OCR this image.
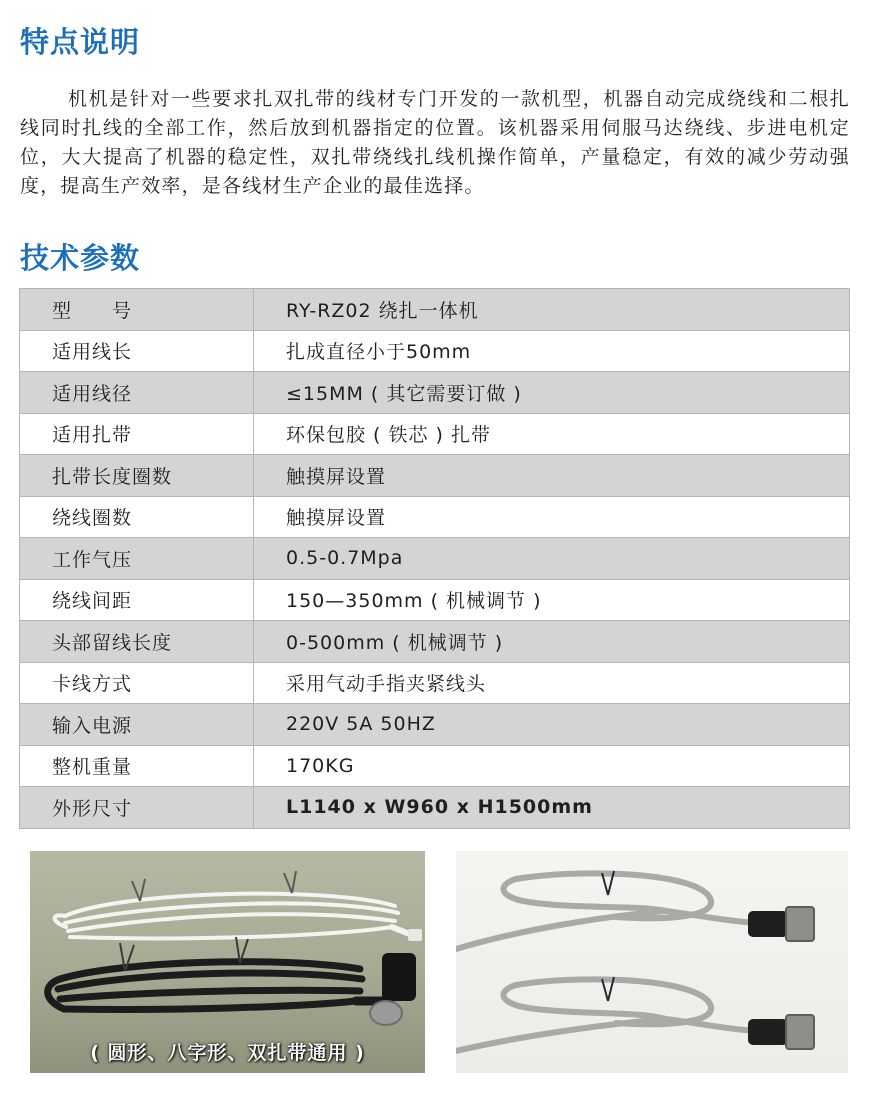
特点说明

机机是针对一些要求扎双扎带的线材专门开发的一款机型，机器自动完成绕线和二根扎线同时扎线的全部工作，然后放到机器指定的位置。该机器采用伺服马达绕线、步进电机定位，大大提高了机器的稳定性，双扎带绕线扎线机操作简单，产量稳定，有效的减少劳动强度，提高生产效率，是各线材生产企业的最佳选择。

技术参数
型　　号	RY-RZ02 绕扎一体机
适用线长	扎成直径小于50mm
适用线径	≤15MM ( 其它需要订做 )
适用扎带	环保包胶 ( 铁芯 ) 扎带
扎带长度圈数	触摸屏设置
绕线圈数	触摸屏设置
工作气压	0.5-0.7Mpa
绕线间距	150—350mm ( 机械调节 )
头部留线长度	0-500mm ( 机械调节 )
卡线方式	采用气动手指夹紧线头
输入电源	220V 5A 50HZ
整机重量	170KG
外形尺寸	L1140 x W960 x H1500mm
( 圆形、八字形、双扎带通用 )
